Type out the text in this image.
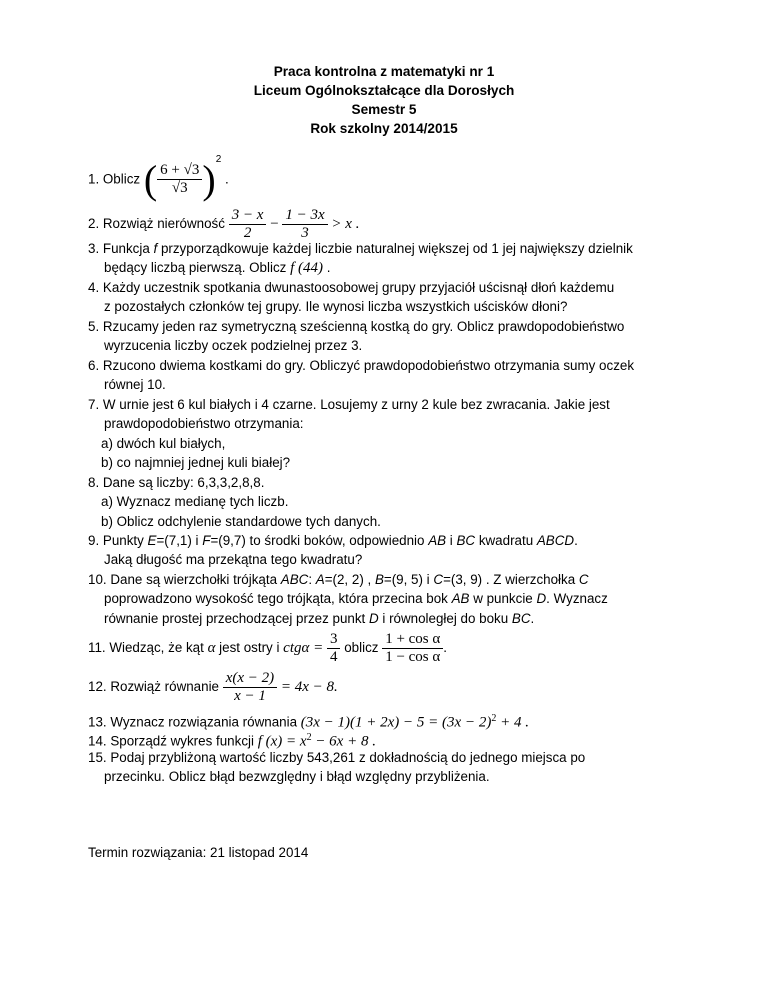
Praca kontrolna z matematyki nr 1
Liceum Ogólnokształcące dla Dorosłych
Semestr 5
Rok szkolny 2014/2015
1. Oblicz ( $\frac{6 + √3}{√3} )^2$ .
2. Rozwiąż nierówność $\frac{3 - x}{2} - \frac{1 - 3x}{3} > x$ .
3. Funkcja f przyporządkowuje każdej liczbie naturalnej większej od 1 jej największy dzielnik
będący liczbą pierwszą. Oblicz f (44) .
4. Każdy uczestnik spotkania dwunastoosobowej grupy przyjaciół uścisnął dłoń każdemu
z pozostałych członków tej grupy. Ile wynosi liczba wszystkich uścisków dłoni?
5. Rzucamy jeden raz symetryczną sześcienną kostką do gry. Oblicz prawdopodobieństwo
wyrzucenia liczby oczek podzielnej przez 3.
6. Rzucono dwiema kostkami do gry. Obliczyć prawdopodobieństwo otrzymania sumy oczek
równej 10.
7. W urnie jest 6 kul białych i 4 czarne. Losujemy z urny 2 kule bez zwracania. Jakie jest
prawdopodobieństwo otrzymania:
a) dwóch kul białych,
b) co najmniej jednej kuli białej?
8. Dane są liczby: 6,3,3,2,8,8.
a) Wyznacz medianę tych liczb.
b) Oblicz odchylenie standardowe tych danych.
9. Punkty E=(7,1) i F=(9,7) to środki boków, odpowiednio AB i BC kwadratu ABCD.
Jaką długość ma przekątna tego kwadratu?
10. Dane są wierzchołki trójkąta ABC: A=(2, 2) , B=(9, 5) i C=(3, 9) . Z wierzchołka C
poprowadzono wysokość tego trójkąta, która przecina bok AB w punkcie D. Wyznacz
równanie prostej przechodzącej przez punkt D i równoległej do boku BC.
11. Wiedząc, że kąt α jest ostry i $ctg\alpha = \frac{3}{4}$ oblicz $\frac{\text{1 + cos α}}{\text{1 − cos α}}$ .
12. Rozwiąż równanie $\frac{x(x - 2)}{x - 1} = 4x - 8$.
13. Wyznacz rozwiązania równania $(3x - 1)(1 + 2x) - 5 = (3x - 2)^2 + 4$ .
14. Sporządź wykres funkcji f $(x) = x^2 - 6x + 8$ .
15. Podaj przybliżoną wartość liczby 543,261 z dokładnością do jednego miejsca po
przecinku. Oblicz błąd bezwzględny i błąd względny przybliżenia.
Termin rozwiązania: 21 listopad 2014
